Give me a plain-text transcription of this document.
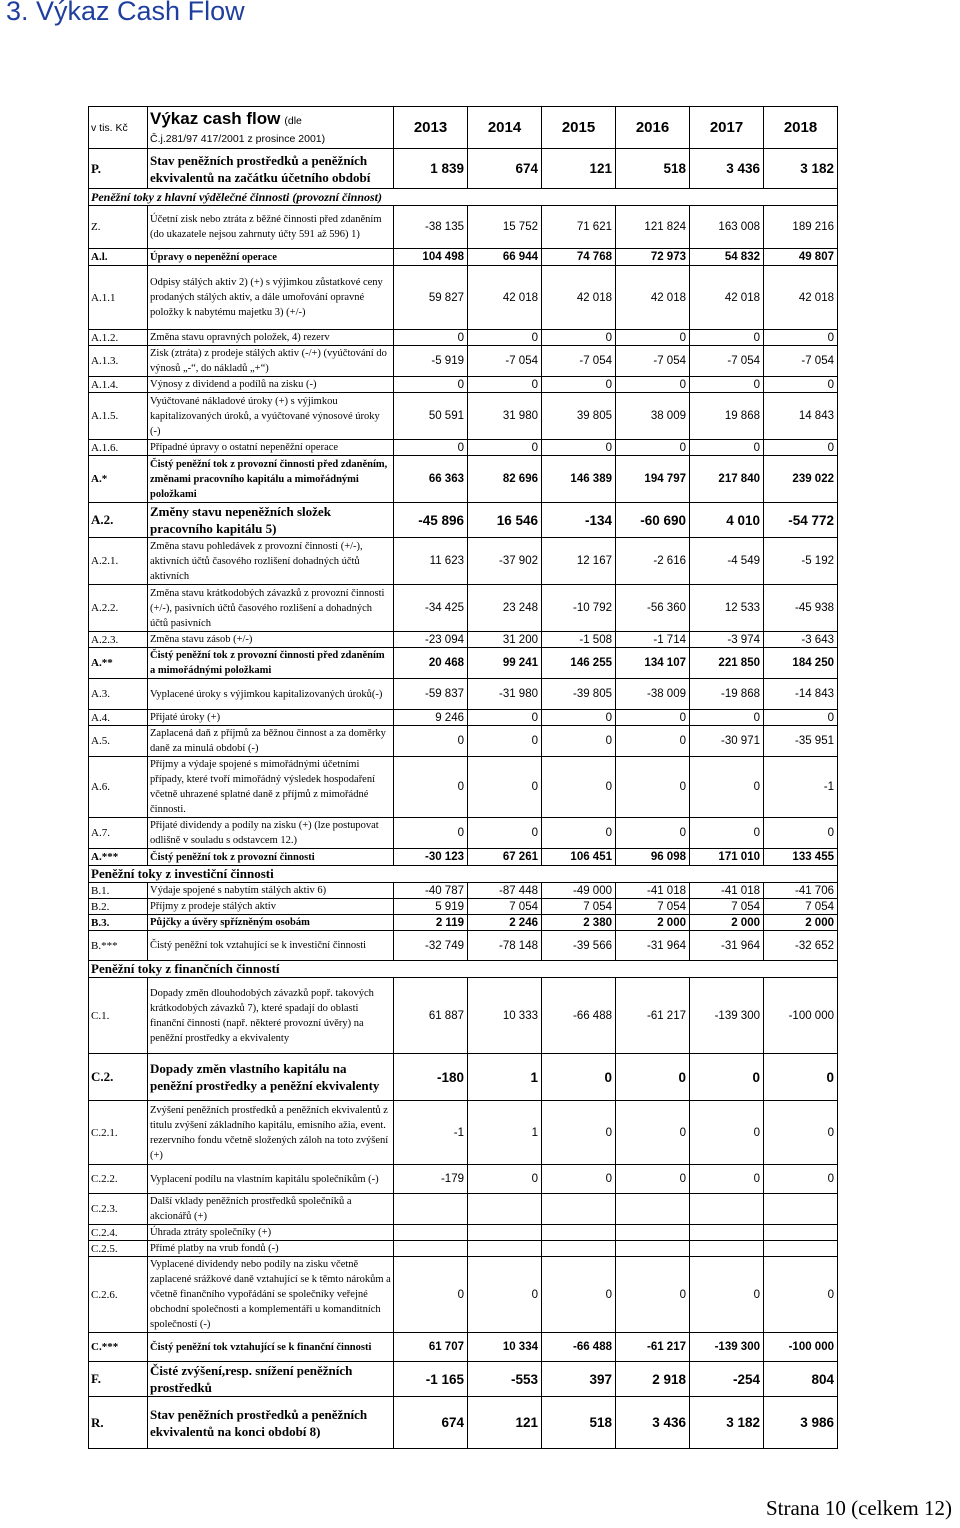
3. Výkaz Cash Flow
v tis. Kč	Výkaz cash flow (dle
Č.j.281/97 417/2001 z prosince 2001)	2013	2014	2015	2016	2017	2018
P.	Stav peněžních prostředků a peněžních ekvivalentů na začátku účetního období	1 839	674	121	518	3 436	3 182
Peněžní toky z hlavní výdělečné činnosti (provozní činnost)							
Z.	Účetní zisk nebo ztráta z běžné činnosti před zdaněním (do ukazatele nejsou zahrnuty účty 591 až 596) 1)	-38 135	15 752	71 621	121 824	163 008	189 216
A.l.	Úpravy o nepeněžní operace	104 498	66 944	74 768	72 973	54 832	49 807
A.1.1	Odpisy stálých aktiv 2) (+) s výjimkou zůstatkové ceny prodaných stálých aktiv, a dále umořování opravné položky k nabytému majetku 3) (+/-)	59 827	42 018	42 018	42 018	42 018	42 018
A.1.2.	Změna stavu opravných položek, 4) rezerv	0	0	0	0	0	0
A.1.3.	Zisk (ztráta) z prodeje stálých aktiv (-/+) (vyúčtování do výnosů „-“, do nákladů „+“)	-5 919	-7 054	-7 054	-7 054	-7 054	-7 054
A.1.4.	Výnosy z dividend a podílů na zisku (-)	0	0	0	0	0	0
A.1.5.	Vyúčtované nákladové úroky (+) s výjimkou kapitalizovaných úroků, a vyúčtované výnosové úroky (-)	50 591	31 980	39 805	38 009	19 868	14 843
A.1.6.	Případné úpravy o ostatní nepeněžní operace	0	0	0	0	0	0
A.*	Čistý peněžní tok z provozní činnosti před zdaněním, změnami pracovního kapitálu a mimořádnými položkami	66 363	82 696	146 389	194 797	217 840	239 022
A.2.	Změny stavu nepeněžních složek pracovního kapitálu 5)	-45 896	16 546	-134	-60 690	4 010	-54 772
A.2.1.	Změna stavu pohledávek z provozní činnosti (+/-), aktivních účtů časového rozlišení dohadných účtů aktivních	11 623	-37 902	12 167	-2 616	-4 549	-5 192
A.2.2.	Změna stavu krátkodobých závazků z provozní činnosti (+/-), pasivních účtů časového rozlišení a dohadných účtů pasivních	-34 425	23 248	-10 792	-56 360	12 533	-45 938
A.2.3.	Změna stavu zásob (+/-)	-23 094	31 200	-1 508	-1 714	-3 974	-3 643
A.**	Čistý peněžní tok z provozní činnosti před zdaněním a mimořádnými položkami	20 468	99 241	146 255	134 107	221 850	184 250
A.3.	Vyplacené úroky s výjimkou kapitalizovaných úroků(-)	-59 837	-31 980	-39 805	-38 009	-19 868	-14 843
A.4.	Přijaté úroky (+)	9 246	0	0	0	0	0
A.5.	Zaplacená daň z příjmů za běžnou činnost a za doměrky daně za minulá období (-)	0	0	0	0	-30 971	-35 951
A.6.	Příjmy a výdaje spojené s mimořádnými účetními případy, které tvoří mimořádný výsledek hospodaření včetně uhrazené splatné daně z příjmů z mimořádné činnosti.	0	0	0	0	0	-1
A.7.	Přijaté dividendy a podíly na zisku (+) (lze postupovat odlišně v souladu s odstavcem 12.)	0	0	0	0	0	0
A.***	Čistý peněžní tok z provozní činnosti	-30 123	67 261	106 451	96 098	171 010	133 455
Peněžní toky z investiční činnosti							
B.1.	Výdaje spojené s nabytím stálých aktiv 6)	-40 787	-87 448	-49 000	-41 018	-41 018	-41 706
B.2.	Příjmy z prodeje stálých aktiv	5 919	7 054	7 054	7 054	7 054	7 054
B.3.	Půjčky a úvěry spřízněným osobám	2 119	2 246	2 380	2 000	2 000	2 000
B.***	Čistý peněžní tok vztahující se k investiční činnosti	-32 749	-78 148	-39 566	-31 964	-31 964	-32 652
Peněžní toky z finančních činností							
C.1.	Dopady změn dlouhodobých závazků popř. takových krátkodobých závazků 7), které spadají do oblasti finanční činnosti (např. některé provozní úvěry) na peněžní prostředky a ekvivalenty	61 887	10 333	-66 488	-61 217	-139 300	-100 000
C.2.	Dopady změn vlastního kapitálu na peněžní prostředky a peněžní ekvivalenty	-180	1	0	0	0	0
C.2.1.	Zvýšení peněžních prostředků a peněžních ekvivalentů z titulu zvýšení základního kapitálu, emisního ažia, event. rezervního fondu včetně složených záloh na toto zvýšení (+)	-1	1	0	0	0	0
C.2.2.	Vyplacení podílu na vlastním kapitálu společníkům (-)	-179	0	0	0	0	0
C.2.3.	Další vklady peněžních prostředků společníků a akcionářů (+)						
C.2.4.	Úhrada ztráty společníky (+)						
C.2.5.	Přímé platby na vrub fondů (-)						
C.2.6.	Vyplacené dividendy nebo podíly na zisku včetně zaplacené srážkové daně vztahující se k těmto nárokům a včetně finančního vypořádání se společníky veřejné obchodní společnosti a komplementáři u komanditních společností (-)	0	0	0	0	0	0
C.***	Čistý peněžní tok vztahující se k finanční činnosti	61 707	10 334	-66 488	-61 217	-139 300	-100 000
F.	Čisté zvýšení,resp. snížení peněžních prostředků	-1 165	-553	397	2 918	-254	804
R.	Stav peněžních prostředků a peněžních ekvivalentů na konci období 8)	674	121	518	3 436	3 182	3 986
Strana 10 (celkem 12)
